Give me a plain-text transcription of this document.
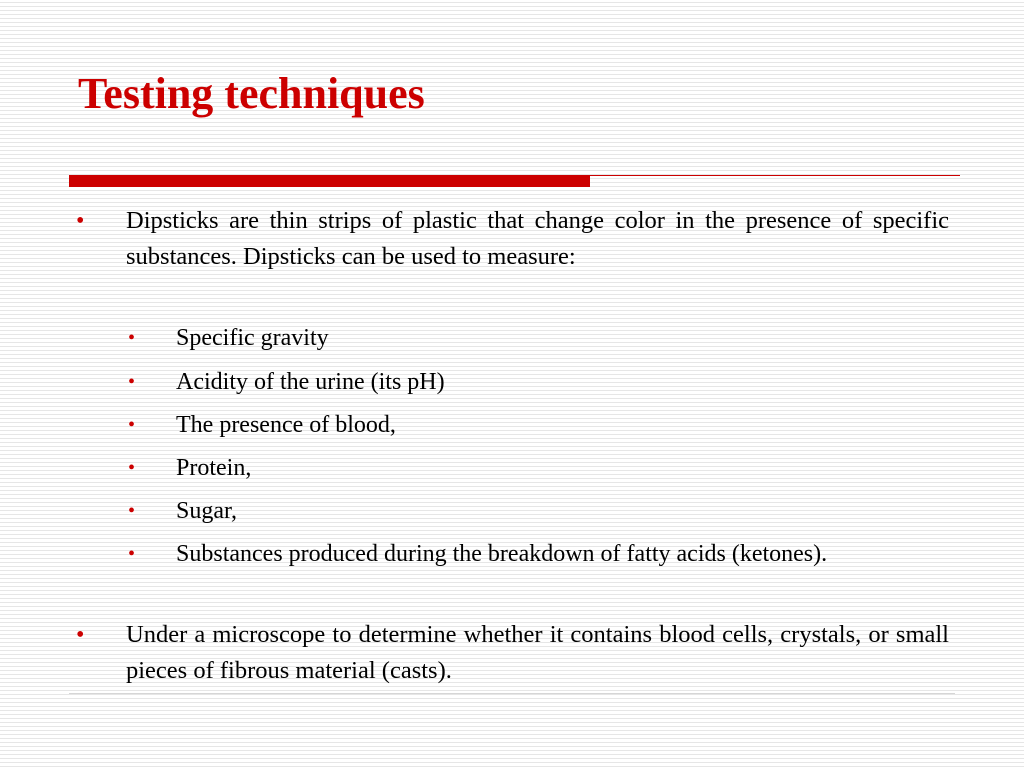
Testing techniques
• Dipsticks are thin strips of plastic that change color in the presence of specific substances. Dipsticks can be used to measure:
• Specific gravity
• Acidity of the urine (its pH)
• The presence of blood,
• Protein,
• Sugar,
• Substances produced during the breakdown of fatty acids (ketones).
• Under a microscope to determine whether it contains blood cells, crystals, or small pieces of fibrous material (casts).
